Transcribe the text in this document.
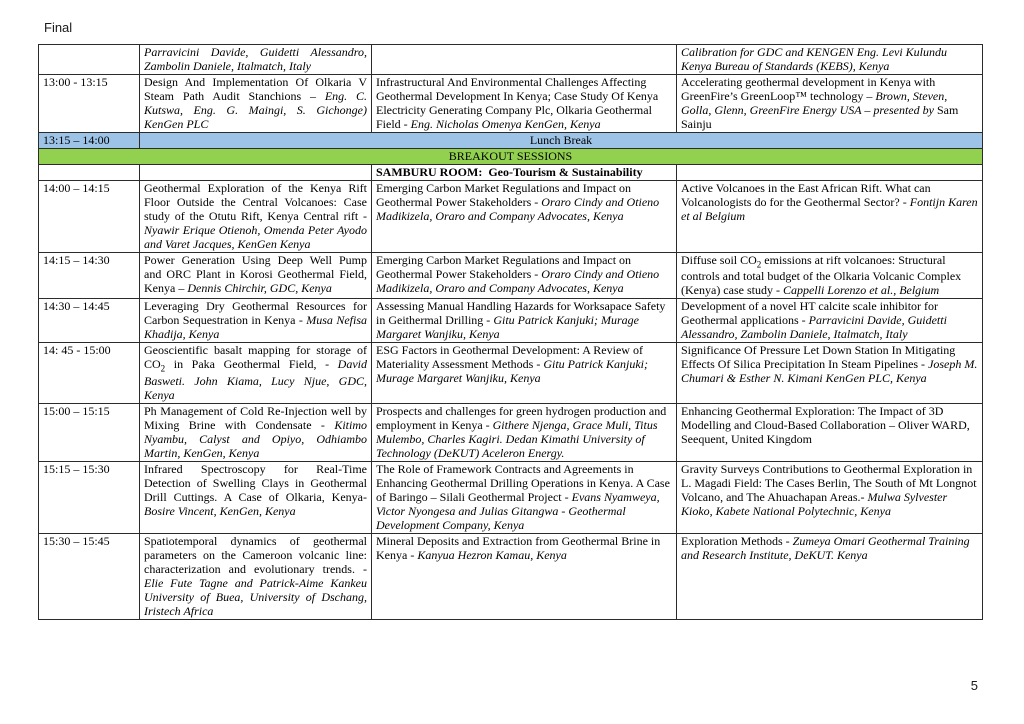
Final
	Parravicini Davide, Guidetti Alessandro, Zambolin Daniele, Italmatch, Italy		Calibration for GDC and KENGEN Eng. Levi Kulundu Kenya Bureau of Standards (KEBS), Kenya
13:00 - 13:15	Design And Implementation Of Olkaria V Steam Path Audit Stanchions – Eng. C. Kutswa, Eng. G. Maingi, S. Gichonge) KenGen PLC	Infrastructural And Environmental Challenges Affecting Geothermal Development In Kenya; Case Study Of Kenya Electricity Generating Company Plc, Olkaria Geothermal Field - Eng. Nicholas Omenya KenGen, Kenya	Accelerating geothermal development in Kenya with GreenFire’s GreenLoop™ technology – Brown, Steven, Golla, Glenn, GreenFire Energy USA – presented by Sam Sainju
13:15 – 14:00	Lunch Break		
BREAKOUT SESSIONS			
		SAMBURU ROOM:  Geo-Tourism & Sustainability	
14:00 – 14:15	Geothermal Exploration of the Kenya Rift Floor Outside the Central Volcanoes: Case study of the Otutu Rift, Kenya Central rift - Nyawir Erique Otienoh, Omenda Peter Ayodo and Varet Jacques, KenGen Kenya	Emerging Carbon Market Regulations and Impact on Geothermal Power Stakeholders - Oraro Cindy and Otieno Madikizela, Oraro and Company Advocates, Kenya	Active Volcanoes in the East African Rift. What can Volcanologists do for the Geothermal Sector? - Fontijn Karen et al Belgium
14:15 – 14:30	Power Generation Using Deep Well Pump and ORC Plant in Korosi Geothermal Field, Kenya – Dennis Chirchir, GDC, Kenya	Emerging Carbon Market Regulations and Impact on Geothermal Power Stakeholders - Oraro Cindy and Otieno Madikizela, Oraro and Company Advocates, Kenya	Diffuse soil $CO_2$ emissions at rift volcanoes: Structural controls and total budget of the Olkaria Volcanic Complex (Kenya) case study - Cappelli Lorenzo et al., Belgium
14:30 – 14:45	Leveraging Dry Geothermal Resources for Carbon Sequestration in Kenya - Musa Nefisa Khadija, Kenya	Assessing Manual Handling Hazards for Worksapace Safety in Geithermal Drilling - Gitu Patrick Kanjuki; Murage Margaret Wanjiku, Kenya	Development of a novel HT calcite scale inhibitor for Geothermal applications - Parravicini Davide, Guidetti Alessandro, Zambolin Daniele, Italmatch, Italy
14: 45 - 15:00	Geoscientific basalt mapping for storage of $CO_2$ in Paka Geothermal Field, - David Basweti. John Kiama, Lucy Njue, GDC, Kenya	ESG Factors in Geothermal Development: A Review of Materiality Assessment Methods - Gitu Patrick Kanjuki; Murage Margaret Wanjiku, Kenya	Significance Of Pressure Let Down Station In Mitigating Effects Of Silica Precipitation In Steam Pipelines - Joseph M. Chumari & Esther N. Kimani KenGen PLC, Kenya
15:00 – 15:15	Ph Management of Cold Re-Injection well by Mixing Brine with Condensate - Kitimo Nyambu, Calyst and Opiyo, Odhiambo Martin, KenGen, Kenya	Prospects and challenges for green hydrogen production and employment in Kenya - Githere Njenga, Grace Muli, Titus Mulembo, Charles Kagiri. Dedan Kimathi University of Technology (DeKUT) Aceleron Energy.	Enhancing Geothermal Exploration: The Impact of 3D Modelling and Cloud-Based Collaboration – Oliver WARD, Seequent, United Kingdom
15:15 – 15:30	Infrared Spectroscopy for Real-Time Detection of Swelling Clays in Geothermal Drill Cuttings. A Case of Olkaria, Kenya- Bosire Vincent, KenGen, Kenya	The Role of Framework Contracts and Agreements in Enhancing Geothermal Drilling Operations in Kenya. A Case of Baringo – Silali Geothermal Project - Evans Nyamweya, Victor Nyongesa and Julias Gitangwa - Geothermal Development Company, Kenya	Gravity Surveys Contributions to Geothermal Exploration in L. Magadi Field: The Cases Berlin, The South of Mt Longnot Volcano, and The Ahuachapan Areas.- Mulwa Sylvester Kioko, Kabete National Polytechnic, Kenya
15:30 – 15:45	Spatiotemporal dynamics of geothermal parameters on the Cameroon volcanic line: characterization and evolutionary trends. - Elie Fute Tagne and Patrick-Aime Kankeu University of Buea, University of Dschang, Iristech Africa	Mineral Deposits and Extraction from Geothermal Brine in Kenya - Kanyua Hezron Kamau, Kenya	Exploration Methods - Zumeya Omari Geothermal Training and Research Institute, DeKUT. Kenya
5
